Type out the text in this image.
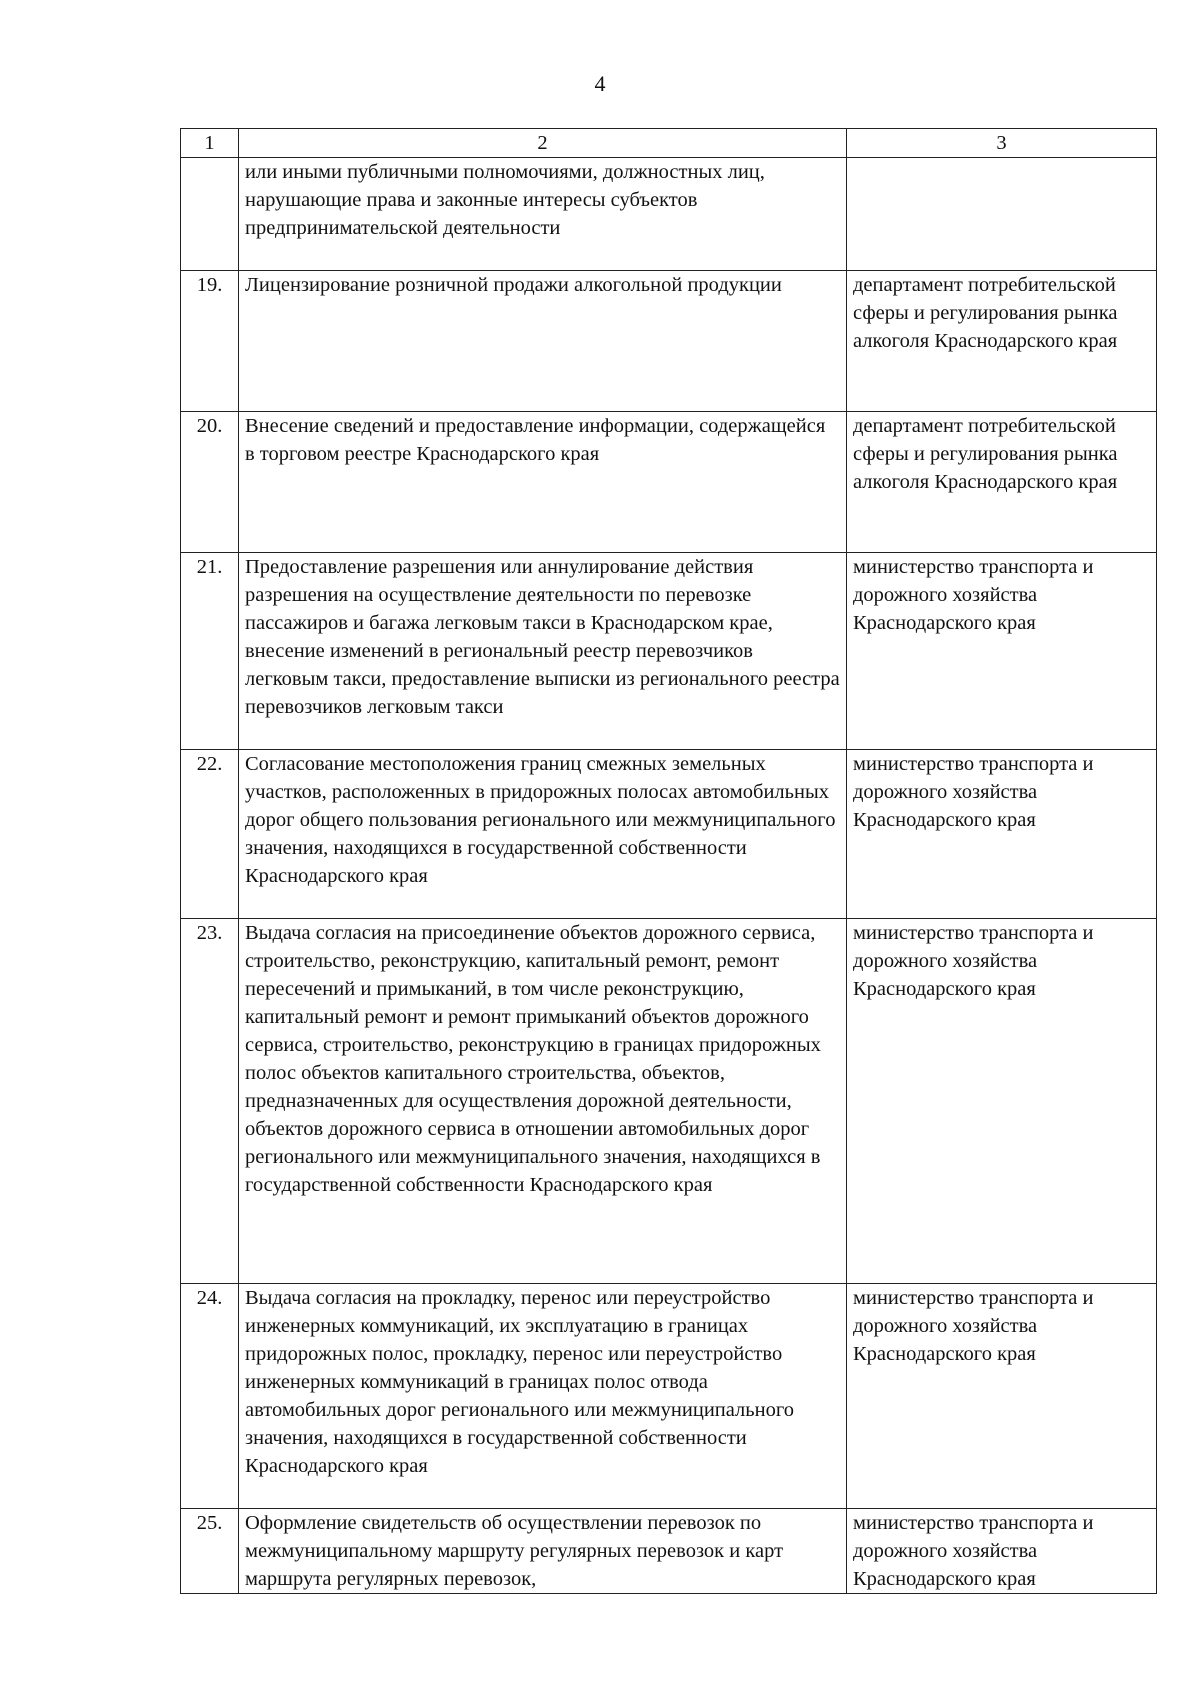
4
1	2	3
	или иными публичными полномочиями, должностных лиц, нарушающие права и законные интересы субъектов предпринимательской деятельности	
19.	Лицензирование розничной продажи алкогольной продукции	департамент потребительской сферы и регулирования рынка алкоголя Краснодарского края
20.	Внесение сведений и предоставление информации, содержащейся в торговом реестре Краснодарского края	департамент потребительской сферы и регулирования рынка алкоголя Краснодарского края
21.	Предоставление разрешения или аннулирование действия разрешения на осуществление деятельности по перевозке пассажиров и багажа легковым такси в Краснодарском крае, внесение изменений в региональный реестр перевозчиков легковым такси, предоставление выписки из регионального реестра перевозчиков легковым такси	министерство транспорта и дорожного хозяйства Краснодарского края
22.	Согласование местоположения границ смежных земельных участков, расположенных в придорожных полосах автомобильных дорог общего пользования регионального или межмуниципального значения, находящихся в государственной собственности Краснодарского края	министерство транспорта и дорожного хозяйства Краснодарского края
23.	Выдача согласия на присоединение объектов дорожного сервиса, строительство, реконструкцию, капитальный ремонт, ремонт пересечений и примыканий, в том числе реконструкцию, капитальный ремонт и ремонт примыканий объектов дорожного сервиса, строительство, реконструкцию в границах придорожных полос объектов капитального строительства, объектов, предназначенных для осуществления дорожной деятельности, объектов дорожного сервиса в отношении автомобильных дорог регионального или межмуниципального значения, находящихся в государственной собственности Краснодарского края	министерство транспорта и дорожного хозяйства Краснодарского края
24.	Выдача согласия на прокладку, перенос или переустройство инженерных коммуникаций, их эксплуатацию в границах придорожных полос, прокладку, перенос или переустройство инженерных коммуникаций в границах полос отвода автомобильных дорог регионального или межмуниципального значения, находящихся в государственной собственности Краснодарского края	министерство транспорта и дорожного хозяйства Краснодарского края
25.	Оформление свидетельств об осуществлении перевозок по межмуниципальному маршруту регулярных перевозок и карт маршрута регулярных перевозок,	министерство транспорта и дорожного хозяйства Краснодарского края
